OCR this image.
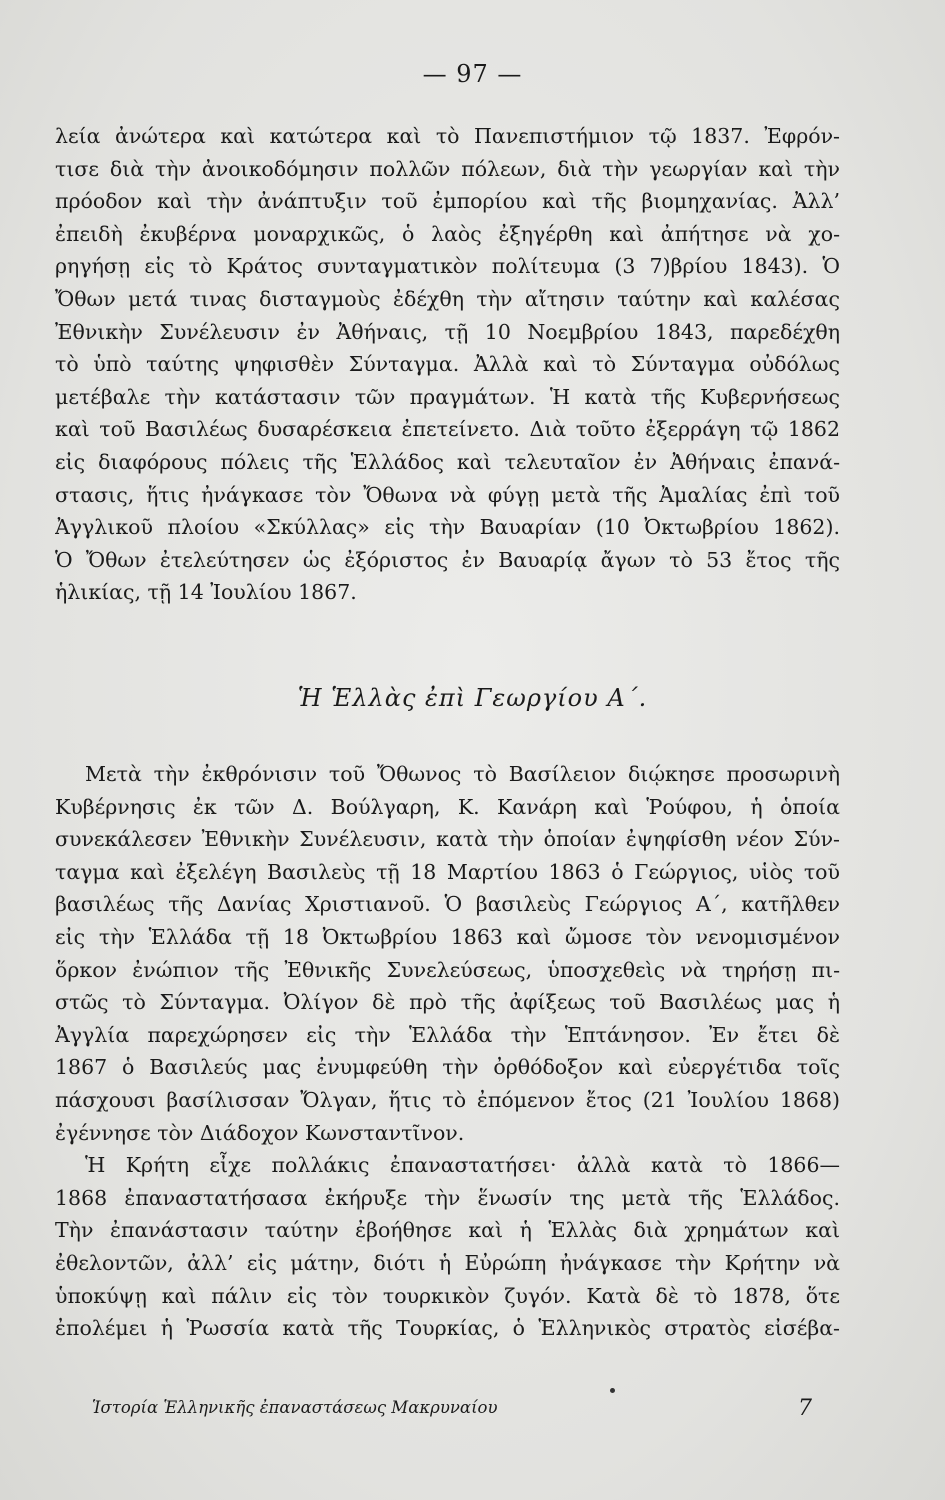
— 97 —
λεία ἀνώτερα καὶ κατώτερα καὶ τὸ Πανεπιστήμιον τῷ 1837. Ἐφρόν-
τισε διὰ τὴν ἀνοικοδόμησιν πολλῶν πόλεων, διὰ τὴν γεωργίαν καὶ τὴν
πρόοδον καὶ τὴν ἀνάπτυξιν τοῦ ἐμπορίου καὶ τῆς βιομηχανίας. Ἀλλ’
ἐπειδὴ ἐκυβέρνα μοναρχικῶς, ὁ λαὸς ἐξηγέρθη καὶ ἀπήτησε νὰ χο-
ρηγήσῃ εἰς τὸ Κράτος συνταγματικὸν πολίτευμα (3 7)βρίου 1843). Ὁ
Ὄθων μετά τινας δισταγμοὺς ἐδέχθη τὴν αἴτησιν ταύτην καὶ καλέσας
Ἐθνικὴν Συνέλευσιν ἐν Ἀθήναις, τῇ 10 Νοεμβρίου 1843, παρεδέχθη
τὸ ὑπὸ ταύτης ψηφισθὲν Σύνταγμα. Ἀλλὰ καὶ τὸ Σύνταγμα οὐδόλως
μετέβαλε τὴν κατάστασιν τῶν πραγμάτων. Ἡ κατὰ τῆς Κυβερνήσεως
καὶ τοῦ Βασιλέως δυσαρέσκεια ἐπετείνετο. Διὰ τοῦτο ἐξερράγη τῷ 1862
εἰς διαφόρους πόλεις τῆς Ἑλλάδος καὶ τελευταῖον ἐν Ἀθήναις ἐπανά-
στασις, ἥτις ἠνάγκασε τὸν Ὄθωνα νὰ φύγῃ μετὰ τῆς Ἀμαλίας ἐπὶ τοῦ
Ἀγγλικοῦ πλοίου «Σκύλλας» εἰς τὴν Βαυαρίαν (10 Ὀκτωβρίου 1862).
Ὁ Ὄθων ἐτελεύτησεν ὡς ἐξόριστος ἐν Βαυαρίᾳ ἄγων τὸ 53 ἔτος τῆς
ἡλικίας, τῇ 14 Ἰουλίου 1867.
Ἡ Ἑλλὰς ἐπὶ Γεωργίου Α΄.
Μετὰ τὴν ἐκθρόνισιν τοῦ Ὄθωνος τὸ Βασίλειον διῴκησε προσωρινὴ
Κυβέρνησις ἐκ τῶν Δ. Βούλγαρη, Κ. Κανάρη καὶ Ῥούφου, ἡ ὁποία
συνεκάλεσεν Ἐθνικὴν Συνέλευσιν, κατὰ τὴν ὁποίαν ἐψηφίσθη νέον Σύν-
ταγμα καὶ ἐξελέγη Βασιλεὺς τῇ 18 Μαρτίου 1863 ὁ Γεώργιος, υἱὸς τοῦ
βασιλέως τῆς Δανίας Χριστιανοῦ. Ὁ βασιλεὺς Γεώργιος Α΄, κατῆλθεν
εἰς τὴν Ἑλλάδα τῇ 18 Ὀκτωβρίου 1863 καὶ ὤμοσε τὸν νενομισμένον
ὅρκον ἐνώπιον τῆς Ἐθνικῆς Συνελεύσεως, ὑποσχεθεὶς νὰ τηρήσῃ πι-
στῶς τὸ Σύνταγμα. Ὀλίγον δὲ πρὸ τῆς ἀφίξεως τοῦ Βασιλέως μας ἡ
Ἀγγλία παρεχώρησεν εἰς τὴν Ἑλλάδα τὴν Ἑπτάνησον. Ἐν ἔτει δὲ
1867 ὁ Βασιλεύς μας ἐνυμφεύθη τὴν ὀρθόδοξον καὶ εὐεργέτιδα τοῖς
πάσχουσι βασίλισσαν Ὄλγαν, ἥτις τὸ ἐπόμενον ἔτος (21 Ἰουλίου 1868)
ἐγέννησε τὸν Διάδοχον Κωνσταντῖνον.
Ἡ Κρήτη εἶχε πολλάκις ἐπαναστατήσει· ἀλλὰ κατὰ τὸ 1866—
1868 ἐπαναστατήσασα ἐκήρυξε τὴν ἕνωσίν της μετὰ τῆς Ἑλλάδος.
Τὴν ἐπανάστασιν ταύτην ἐβοήθησε καὶ ἡ Ἑλλὰς διὰ χρημάτων καὶ
ἐθελοντῶν, ἀλλ’ εἰς μάτην, διότι ἡ Εὐρώπη ἠνάγκασε τὴν Κρήτην νὰ
ὑποκύψῃ καὶ πάλιν εἰς τὸν τουρκικὸν ζυγόν. Κατὰ δὲ τὸ 1878, ὅτε
ἐπολέμει ἡ Ῥωσσία κατὰ τῆς Τουρκίας, ὁ Ἑλληνικὸς στρατὸς εἰσέβα-
Ἱστορία Ἑλληνικῆς ἐπαναστάσεως Μακρυναίου	7
